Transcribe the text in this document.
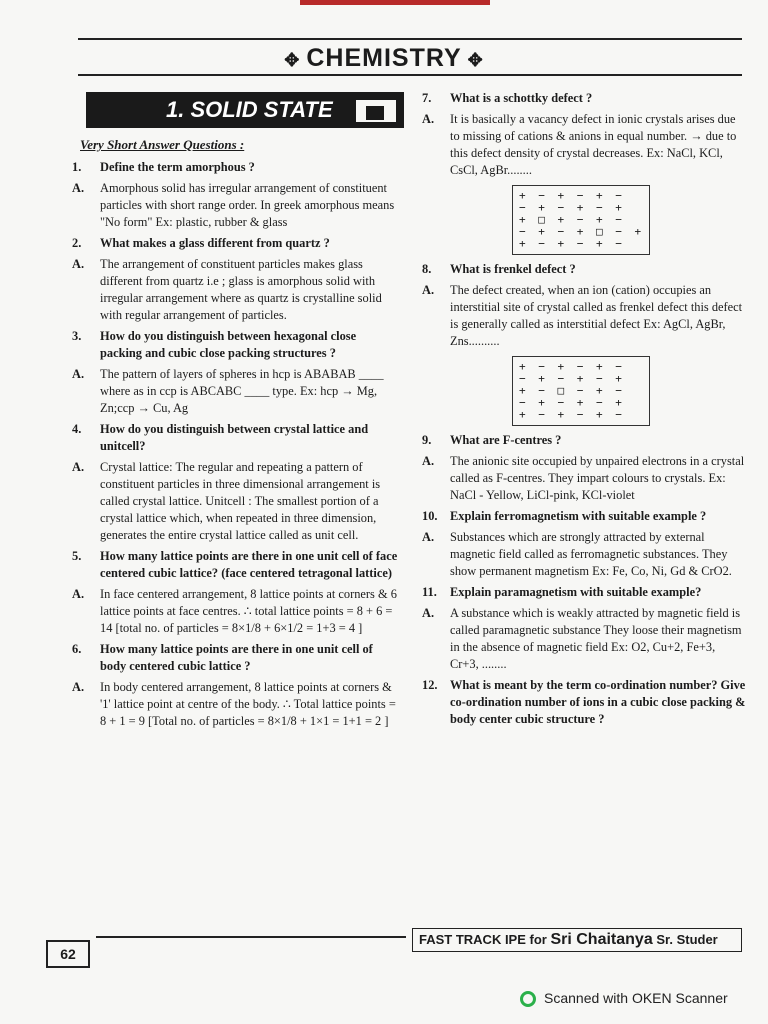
✥ CHEMISTRY ✥
1. SOLID STATE
Very Short Answer Questions :
1.	Define the term amorphous ?
A.	Amorphous solid has irregular arrangement of constituent particles with short range order. In greek amorphous means "No form" Ex: plastic, rubber & glass
2.	What makes a glass different from quartz ?
A.	The arrangement of constituent particles makes glass different from quartz i.e ; glass is amorphous solid with irregular arrangement where as quartz is crystalline solid with regular arrangement of particles.
3.	How do you distinguish between hexagonal close packing and cubic close packing structures ?
A.	The pattern of layers of spheres in hcp is ABABAB ____ where as in ccp is ABCABC ____ type. Ex: hcp → Mg, Zn;ccp → Cu, Ag
4.	How do you distinguish between crystal lattice and unitcell?
A.	Crystal lattice: The regular and repeating a pattern of constituent particles in three dimensional arrangement is called crystal lattice. Unitcell : The smallest portion of a crystal lattice which, when repeated in three dimension, generates the entire crystal lattice called as unit cell.
5.	How many lattice points are there in one unit cell of face centered cubic lattice? (face centered tetragonal lattice)
A.	In face centered arrangement, 8 lattice points at corners & 6 lattice points at face centres. ∴ total lattice points = 8 + 6 = 14 [total no. of particles = 8×1/8 + 6×1/2 = 1+3 = 4 ]
6.	How many lattice points are there in one unit cell of body centered cubic lattice ?
A.	In body centered arrangement, 8 lattice points at corners & '1' lattice point at centre of the body. ∴ Total lattice points = 8 + 1 = 9 [Total no. of particles = 8×1/8 + 1×1 = 1+1 = 2 ]
7.	What is a schottky defect ?
A.	It is basically a vacancy defect in ionic crystals arises due to missing of cations & anions in equal number. → due to this defect density of crystal decreases. Ex: NaCl, KCl, CsCl, AgBr........
+ − + − + −
− + − + − +
+ □ + − + −
− + − + □ − +
+ − + − + −
8.	What is frenkel defect ?
A.	The defect created, when an ion (cation) occupies an interstitial site of crystal called as frenkel defect this defect is generally called as interstitial defect Ex: AgCl, AgBr, Zns..........
+ − + − + −
− + − + − +
+ − □ − + −
− + − + − +
+ − + − + −
9.	What are F-centres ?
A.	The anionic site occupied by unpaired electrons in a crystal called as F-centres. They impart colours to crystals. Ex: NaCl - Yellow, LiCl-pink, KCl-violet
10.	Explain ferromagnetism with suitable example ?
A.	Substances which are strongly attracted by external magnetic field called as ferromagnetic substances. They show permanent magnetism Ex: Fe, Co, Ni, Gd & CrO2.
11.	Explain paramagnetism with suitable example?
A.	A substance which is weakly attracted by magnetic field is called paramagnetic substance They loose their magnetism in the absence of magnetic field Ex: O2, Cu+2, Fe+3, Cr+3, ........
12.	What is meant by the term co-ordination number? Give co-ordination number of ions in a cubic close packing & body center cubic structure ?
62
FAST TRACK IPE for Sri Chaitanya Sr. Studer
Scanned with OKEN Scanner
